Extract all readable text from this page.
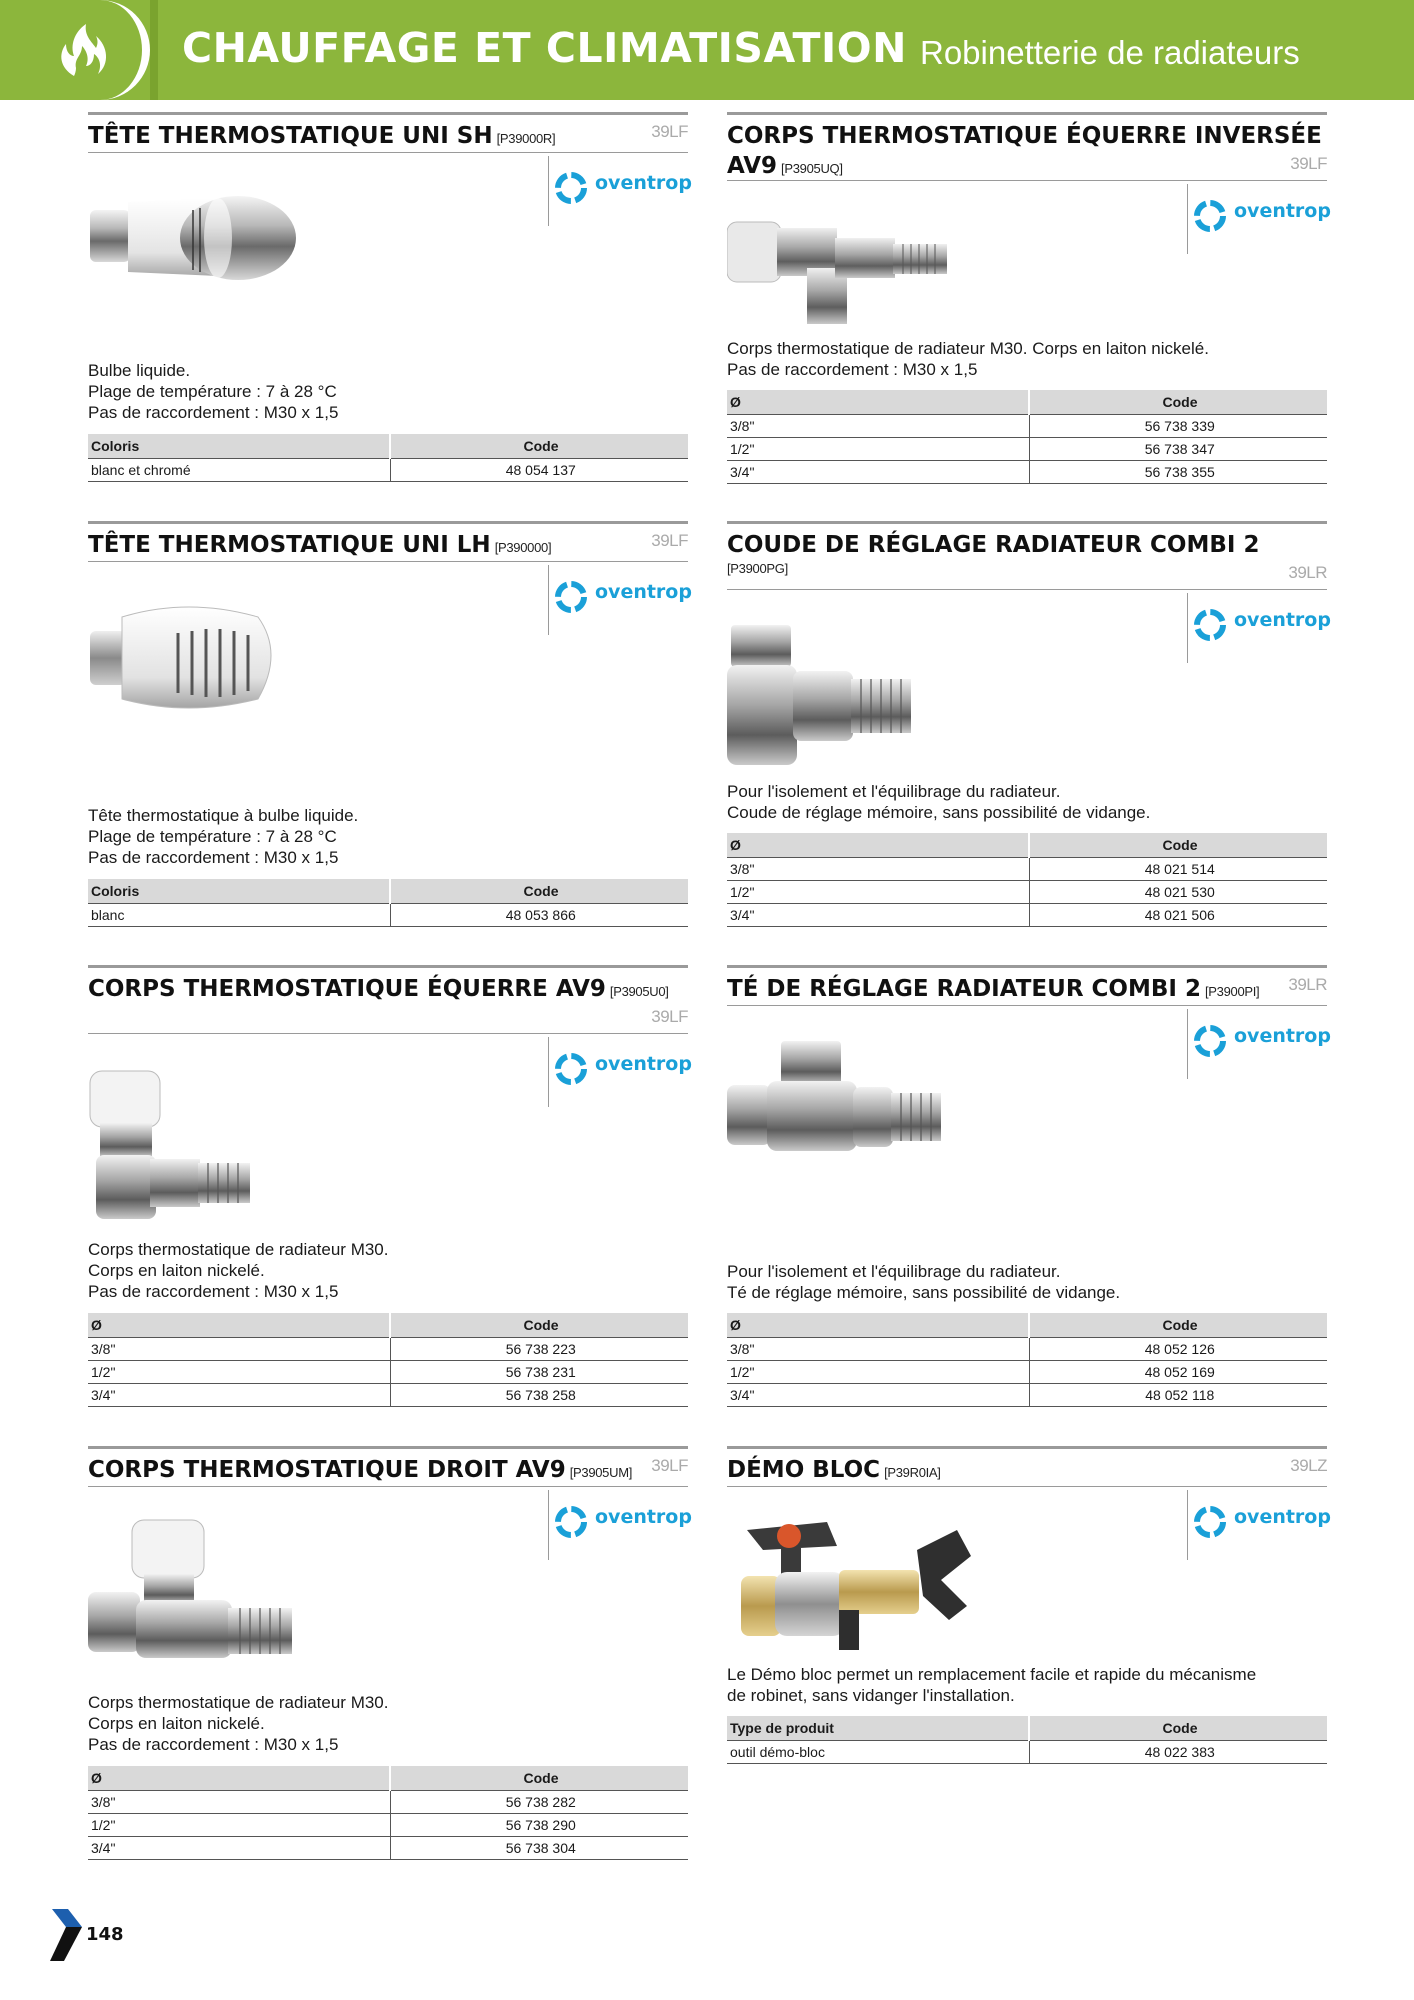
CHAUFFAGE ET CLIMATISATION Robinetterie de radiateurs
TÊTE THERMOSTATIQUE UNI SH [P39000R]	39LF
oventrop
Bulbe liquide.
Plage de température : 7 à 28 °C
Pas de raccordement : M30 x 1,5
Coloris	Code
blanc et chromé	48 054 137
CORPS THERMOSTATIQUE ÉQUERRE INVERSÉE
AV9 [P3905UQ]	39LF
oventrop
Corps thermostatique de radiateur M30. Corps en laiton nickelé.
Pas de raccordement : M30 x 1,5
Ø	Code
3/8"	56 738 339
1/2"	56 738 347
3/4"	56 738 355
TÊTE THERMOSTATIQUE UNI LH [P390000]	39LF
oventrop
Tête thermostatique à bulbe liquide.
Plage de température : 7 à 28 °C
Pas de raccordement : M30 x 1,5
Coloris	Code
blanc	48 053 866
COUDE DE RÉGLAGE RADIATEUR COMBI 2
[P3900PG]	39LR
oventrop
Pour l'isolement et l'équilibrage du radiateur.
Coude de réglage mémoire, sans possibilité de vidange.
Ø	Code
3/8"	48 021 514
1/2"	48 021 530
3/4"	48 021 506
CORPS THERMOSTATIQUE ÉQUERRE AV9 [P3905U0]
39LF
oventrop
Corps thermostatique de radiateur M30.
Corps en laiton nickelé.
Pas de raccordement : M30 x 1,5
Ø	Code
3/8"	56 738 223
1/2"	56 738 231
3/4"	56 738 258
TÉ DE RÉGLAGE RADIATEUR COMBI 2 [P3900PI] 39LR
oventrop
Pour l'isolement et l'équilibrage du radiateur.
Té de réglage mémoire, sans possibilité de vidange.
Ø	Code
3/8"	48 052 126
1/2"	48 052 169
3/4"	48 052 118
CORPS THERMOSTATIQUE DROIT AV9 [P3905UM] 39LF
oventrop
Corps thermostatique de radiateur M30.
Corps en laiton nickelé.
Pas de raccordement : M30 x 1,5
Ø	Code
3/8"	56 738 282
1/2"	56 738 290
3/4"	56 738 304
DÉMO BLOC [P39R0IA]	39LZ
oventrop
Le Démo bloc permet un remplacement facile et rapide du mécanisme
de robinet, sans vidanger l'installation.
Type de produit	Code
outil démo-bloc	48 022 383
148
